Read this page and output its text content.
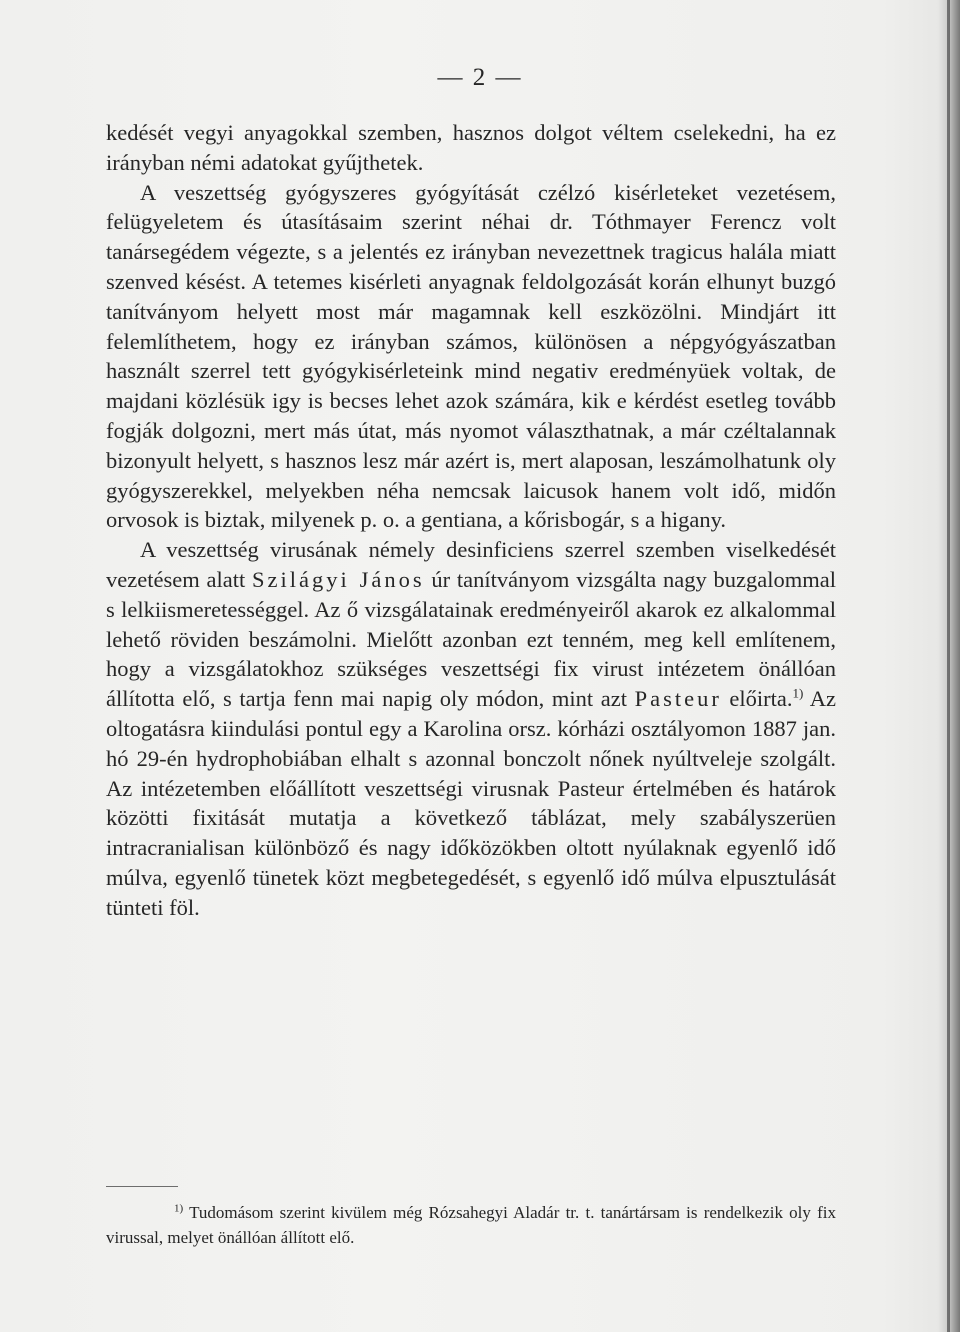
— 2 —

kedését vegyi anyagokkal szemben, hasznos dolgot véltem cselekedni, ha ez irányban némi adatokat gyűjthetek.

A veszettség gyógyszeres gyógyítását czélzó kisérleteket vezetésem, felügyeletem és útasításaim szerint néhai dr. Tóthmayer Ferencz volt tanársegédem végezte, s a jelentés ez irányban nevezettnek tragicus halála miatt szenved késést. A tetemes kisérleti anyagnak feldolgozását korán elhunyt buzgó tanítványom helyett most már magamnak kell eszközölni. Mindjárt itt felemlíthetem, hogy ez irányban számos, különösen a népgyógyászatban használt szerrel tett gyógykisérleteink mind negativ eredményüek voltak, de majdani közlésük igy is becses lehet azok számára, kik e kérdést esetleg tovább fogják dolgozni, mert más útat, más nyomot választhatnak, a már czéltalannak bizonyult helyett, s hasznos lesz már azért is, mert alaposan, leszámolhatunk oly gyógyszerekkel, melyekben néha nemcsak laicusok hanem volt idő, midőn orvosok is biztak, milyenek p. o. a gentiana, a kőrisbogár, s a higany.

A veszettség virusának némely desinficiens szerrel szemben viselkedését vezetésem alatt Szilágyi János úr tanítványom vizsgálta nagy buzgalommal s lelkiismeretességgel. Az ő vizsgálatainak eredményeiről akarok ez alkalommal lehető röviden beszámolni. Mielőtt azonban ezt tenném, meg kell említenem, hogy a vizsgálatokhoz szükséges veszettségi fix virust intézetem önállóan állította elő, s tartja fenn mai napig oly módon, mint azt Pasteur előirta.$^{1)}$ Az oltogatásra kiindulási pontul egy a Karolina orsz. kórházi osztályomon 1887 jan. hó 29-én hydrophobiában elhalt s azonnal bonczolt nőnek nyúltveleje szolgált. Az intézetemben előállított veszettségi virusnak Pasteur értelmében és határok közötti fixitását mutatja a következő táblázat, mely szabályszerüen intracranialisan különböző és nagy időközökben oltott nyúlaknak egyenlő idő múlva, egyenlő tünetek közt megbetegedését, s egyenlő idő múlva elpusztulását tünteti föl.

$^{1)}$ Tudomásom szerint kivülem még Rózsahegyi Aladár tr. t. tanártársam is rendelkezik oly fix virussal, melyet önállóan állított elő.
